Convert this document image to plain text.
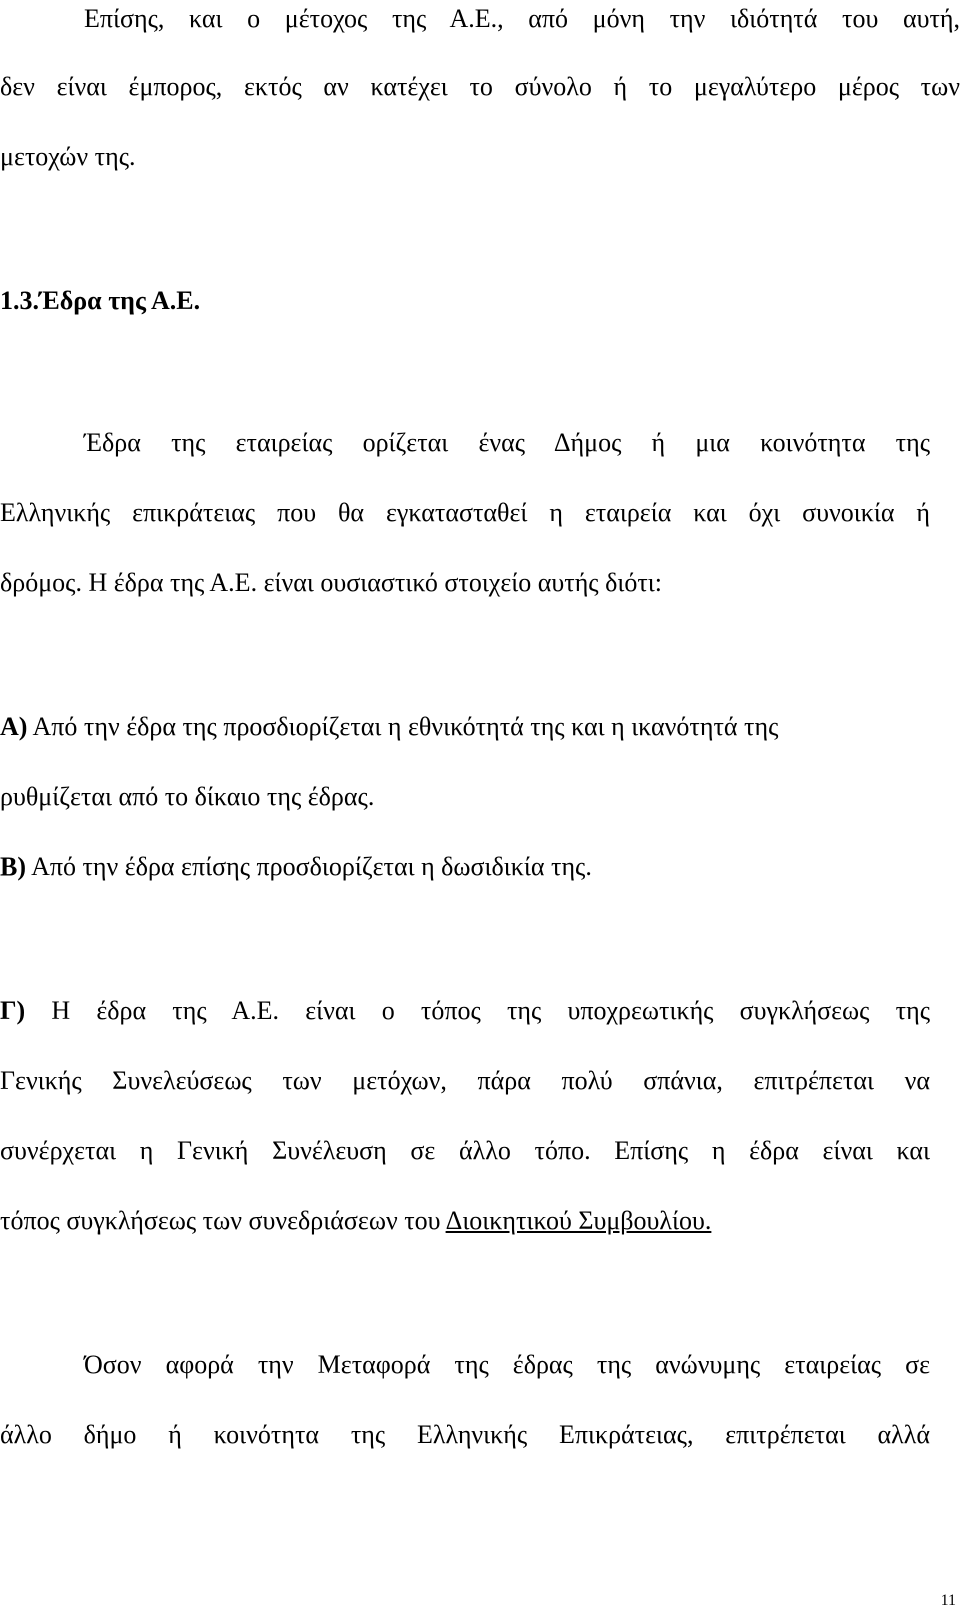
Επίσης, και ο μέτοχος της Α.Ε., από μόνη την ιδιότητά του αυτή,

δεν είναι έμπορος, εκτός αν κατέχει το σύνολο ή το μεγαλύτερο μέρος των

μετοχών της.

1.3.Έδρα της Α.Ε.

Έδρα της εταιρείας ορίζεται ένας Δήμος ή μια κοινότητα της

Ελληνικής επικράτειας που θα εγκατασταθεί η εταιρεία και όχι συνοικία ή

δρόμος. Η έδρα της Α.Ε. είναι ουσιαστικό στοιχείο αυτής διότι:

Α) Από την έδρα της προσδιορίζεται η εθνικότητά της και η ικανότητά της

ρυθμίζεται από το δίκαιο της έδρας.

Β) Από την έδρα επίσης προσδιορίζεται η δωσιδικία της.

Γ) Η έδρα της Α.Ε. είναι ο τόπος της υποχρεωτικής συγκλήσεως της

Γενικής Συνελεύσεως των μετόχων, πάρα πολύ σπάνια, επιτρέπεται να

συνέρχεται η Γενική Συνέλευση σε άλλο τόπο. Επίσης η έδρα είναι και

τόπος συγκλήσεως των συνεδριάσεων του Διοικητικού Συμβουλίου.

Όσον αφορά την Μεταφορά της έδρας της ανώνυμης εταιρείας σε

άλλο δήμο ή κοινότητα της Ελληνικής Επικράτειας, επιτρέπεται αλλά

11
